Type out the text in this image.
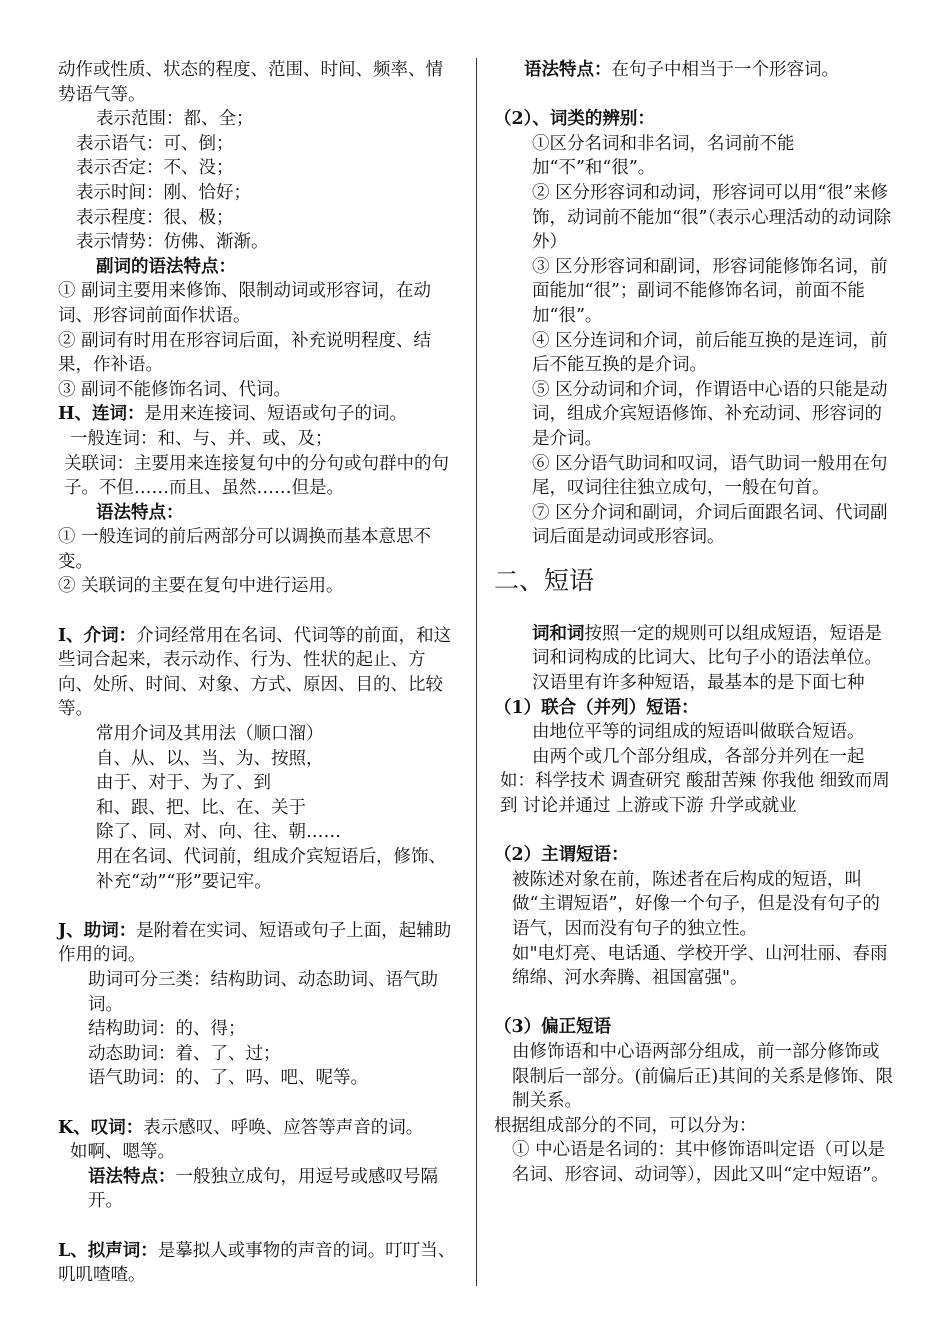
动作或性质、状态的程度、范围、时间、频率、情势语气等。

表示范围：都、全；

表示语气：可、倒；

表示否定：不、没；

表示时间：刚、恰好；

表示程度：很、极；

表示情势：仿佛、渐渐。

副词的语法特点：

① 副词主要用来修饰、限制动词或形容词，在动词、形容词前面作状语。

② 副词有时用在形容词后面，补充说明程度、结果，作补语。

③ 副词不能修饰名词、代词。

H、连词：是用来连接词、短语或句子的词。

一般连词：和、与、并、或、及；

关联词：主要用来连接复句中的分句或句群中的句子。不但……而且、虽然……但是。

语法特点：

① 一般连词的前后两部分可以调换而基本意思不变。

② 关联词的主要在复句中进行运用。

I、介词：介词经常用在名词、代词等的前面，和这些词合起来，表示动作、行为、性状的起止、方向、处所、时间、对象、方式、原因、目的、比较等。

常用介词及其用法（顺口溜）

自、从、以、当、为、按照，

由于、对于、为了、到

和、跟、把、比、在、关于

除了、同、对、向、往、朝……

用在名词、代词前，组成介宾短语后，修饰、补充“动”“形”要记牢。

J、助词：是附着在实词、短语或句子上面，起辅助作用的词。

助词可分三类：结构助词、动态助词、语气助词。

结构助词：的、得；

动态助词：着、了、过；

语气助词：的、了、吗、吧、呢等。

K、叹词：表示感叹、呼唤、应答等声音的词。

如啊、嗯等。

语法特点：一般独立成句，用逗号或感叹号隔开。

L、拟声词：是摹拟人或事物的声音的词。叮叮当、叽叽喳喳。

语法特点：在句子中相当于一个形容词。

（2）、词类的辨别：

①区分名词和非名词，名词前不能加“不”和“很”。

② 区分形容词和动词，形容词可以用“很”来修饰，动词前不能加“很”（表示心理活动的动词除外）

③ 区分形容词和副词，形容词能修饰名词，前面能加“很”；副词不能修饰名词，前面不能加“很”。

④ 区分连词和介词，前后能互换的是连词，前后不能互换的是介词。

⑤ 区分动词和介词，作谓语中心语的只能是动词，组成介宾短语修饰、补充动词、形容词的是介词。

⑥ 区分语气助词和叹词，语气助词一般用在句尾，叹词往往独立成句，一般在句首。

⑦ 区分介词和副词，介词后面跟名词、代词副词后面是动词或形容词。

二、短语

词和词按照一定的规则可以组成短语，短语是词和词构成的比词大、比句子小的语法单位。

汉语里有许多种短语，最基本的是下面七种

（1）联合（并列）短语：

由地位平等的词组成的短语叫做联合短语。

由两个或几个部分组成，各部分并列在一起

如：科学技术 调查研究 酸甜苦辣 你我他 细致而周到 讨论并通过 上游或下游 升学或就业

（2）主谓短语：

被陈述对象在前，陈述者在后构成的短语，叫做“主谓短语”，好像一个句子，但是没有句子的语气，因而没有句子的独立性。

如"电灯亮、电话通、学校开学、山河壮丽、春雨绵绵、河水奔腾、祖国富强"。

（3）偏正短语

由修饰语和中心语两部分组成，前一部分修饰或限制后一部分。(前偏后正)其间的关系是修饰、限制关系。

根据组成部分的不同，可以分为：

① 中心语是名词的：其中修饰语叫定语（可以是名词、形容词、动词等），因此又叫“定中短语”。
